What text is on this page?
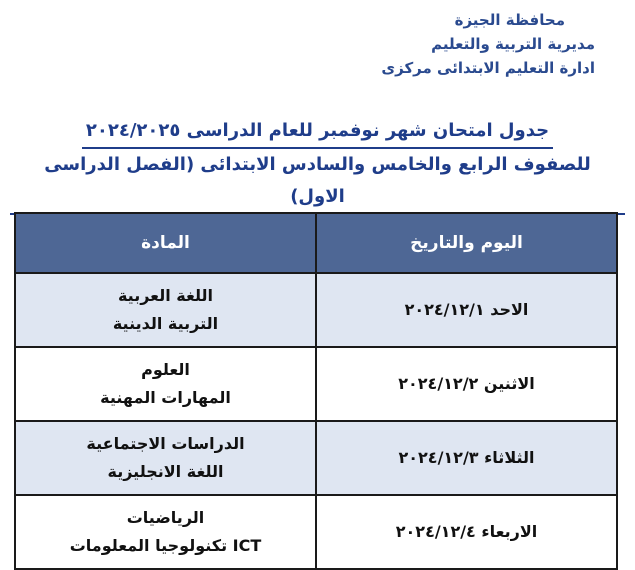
محافظة الجيزة
مديرية التربية والتعليم
ادارة التعليم الابتدائى مركزى
جدول امتحان شهر نوفمبر للعام الدراسى ٢٠٢٤/٢٠٢٥
للصفوف الرابع والخامس والسادس الابتدائى (الفصل الدراسى الاول)
اليوم والتاريخ	المادة
الاحد ٢٠٢٤/١٢/١	اللغة العربية
التربية الدينية

الاثنين ٢٠٢٤/١٢/٢	العلوم
المهارات المهنية

الثلاثاء ٢٠٢٤/١٢/٣	الدراسات الاجتماعية
اللغة الانجليزية

الاربعاء ٢٠٢٤/١٢/٤	الرياضيات
ICT تكنولوجيا المعلومات
